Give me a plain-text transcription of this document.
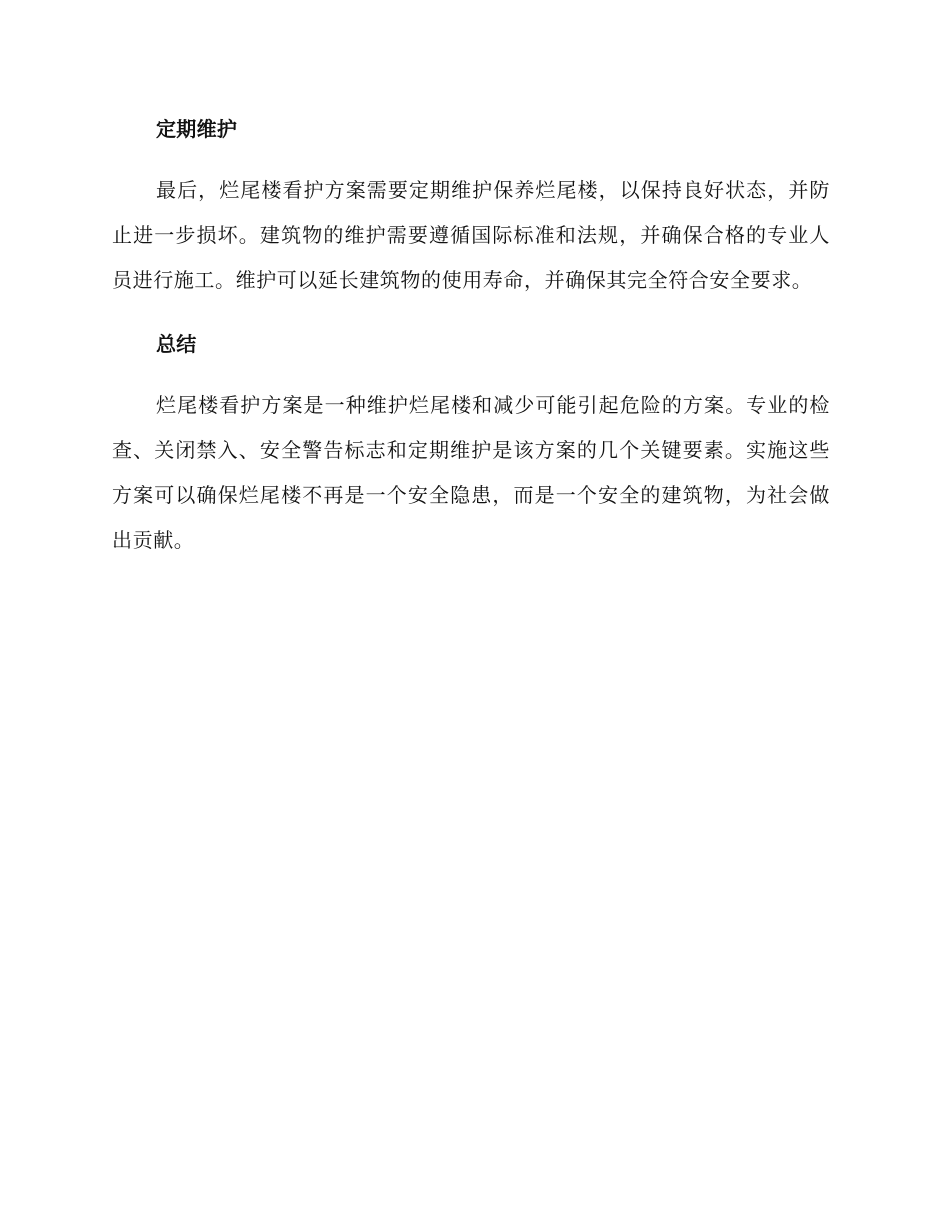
定期维护

最后，烂尾楼看护方案需要定期维护保养烂尾楼，以保持良好状态，并防止进一步损坏。建筑物的维护需要遵循国际标准和法规，并确保合格的专业人员进行施工。维护可以延长建筑物的使用寿命，并确保其完全符合安全要求。

总结

烂尾楼看护方案是一种维护烂尾楼和减少可能引起危险的方案。专业的检查、关闭禁入、安全警告标志和定期维护是该方案的几个关键要素。实施这些方案可以确保烂尾楼不再是一个安全隐患，而是一个安全的建筑物，为社会做出贡献。
